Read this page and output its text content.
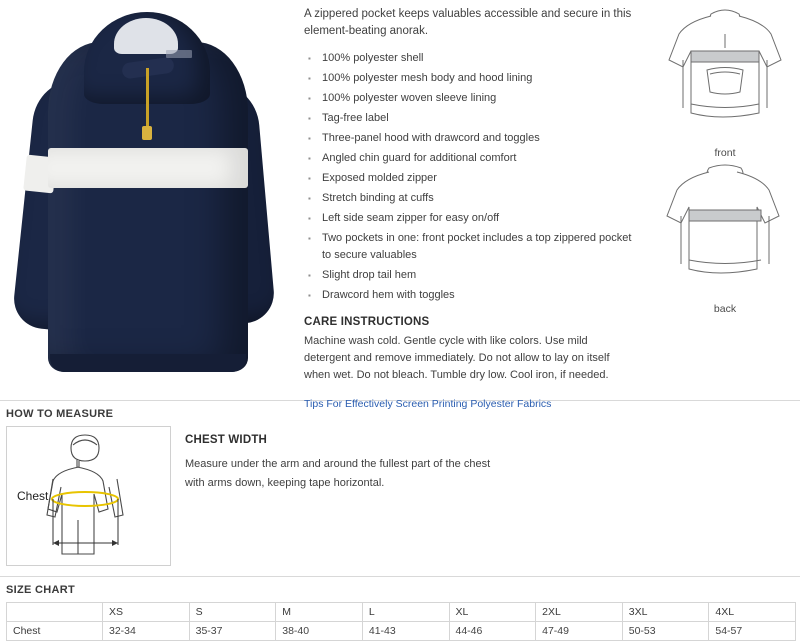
A zippered pocket keeps valuables accessible and secure in this element-beating anorak.

▪ 100% polyester shell
▪ 100% polyester mesh body and hood lining
▪ 100% polyester woven sleeve lining
▪ Tag-free label
▪ Three-panel hood with drawcord and toggles
▪ Angled chin guard for additional comfort
▪ Exposed molded zipper
▪ Stretch binding at cuffs
▪ Left side seam zipper for easy on/off
▪ Two pockets in one: front pocket includes a top zippered pocket to secure valuables
▪ Slight drop tail hem
▪ Drawcord hem with toggles
CARE INSTRUCTIONS

Machine wash cold. Gentle cycle with like colors. Use mild detergent and remove immediately. Do not allow to lay on itself when wet. Do not bleach. Tumble dry low. Cool iron, if needed.

Tips For Effectively Screen Printing Polyester Fabrics
front
back
HOW TO MEASURE
Chest
CHEST WIDTH
Measure under the arm and around the fullest part of the chest
with arms down, keeping tape horizontal.
SIZE CHART
	XS	S	M	L	XL	2XL	3XL	4XL
Chest	32-34	35-37	38-40	41-43	44-46	47-49	50-53	54-57
